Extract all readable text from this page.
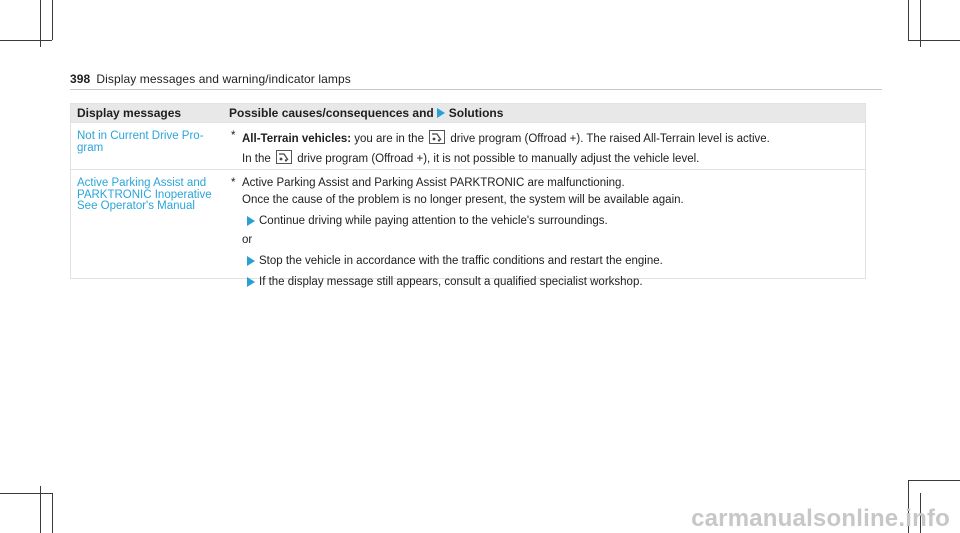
398 Display messages and warning/indicator lamps
Display messages	Possible causes/consequences and Solutions
Not in Current Drive Pro-
gram
* All-Terrain vehicles: you are in the drive program (Offroad +). The raised All-Terrain level is active.
In the drive program (Offroad +), it is not possible to manually adjust the vehicle level.
Active Parking Assist and
PARKTRONIC Inoperative
See Operator's Manual
* Active Parking Assist and Parking Assist PARKTRONIC are malfunctioning.
Once the cause of the problem is no longer present, the system will be available again.
Continue driving while paying attention to the vehicle's surroundings.
or
Stop the vehicle in accordance with the traffic conditions and restart the engine.
If the display message still appears, consult a qualified specialist workshop.
carmanualsonline.info
